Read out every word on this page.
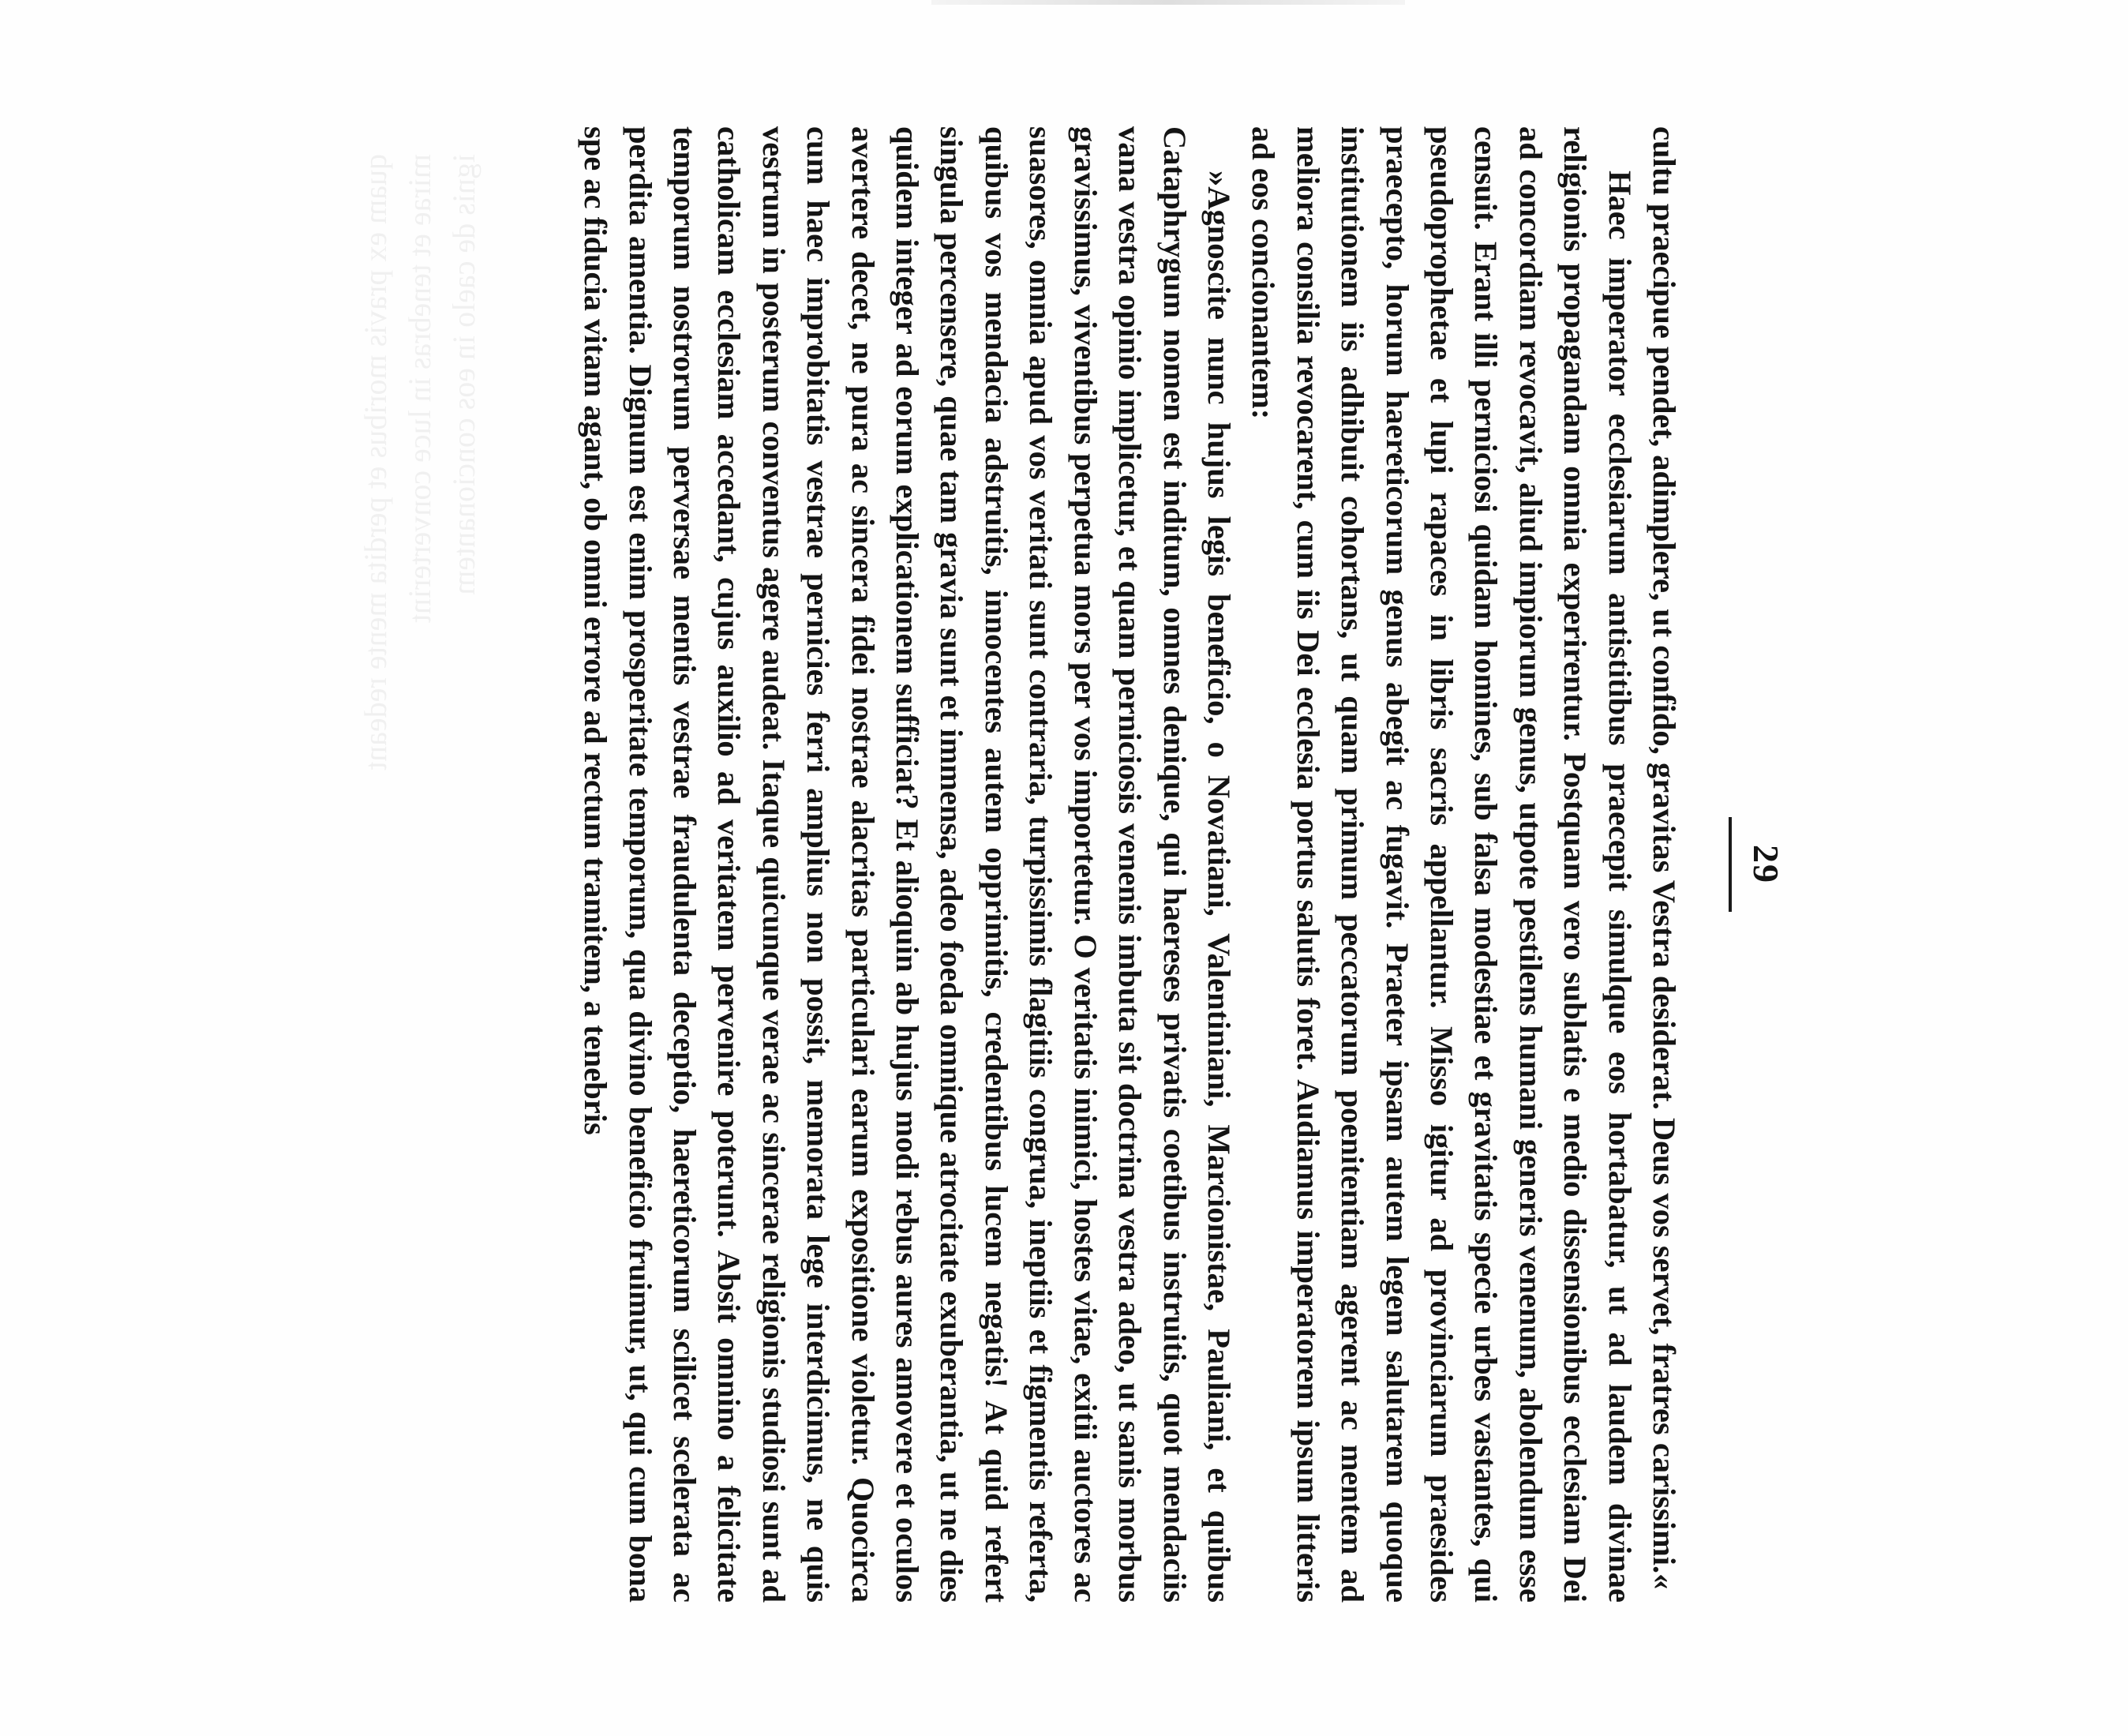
quam ex pravis moribus et perdita mente redeant mirae et tenebras in luce converterint ignis de caelo in eos concionantem
29

cultu praecipue pendet, adimplere, ut confido, gravitas Vestra desiderat. Deus vos servet, fratres carissimi.«

Haec imperator ecclesiarum antistitibus praecepit simulque eos hortabatur, ut ad laudem divinae religionis propagandam omnia experirentur. Postquam vero sublatis e medio dissensionibus ecclesiam Dei ad concordiam revocavit, aliud impiorum genus, utpote pestilens humani generis venenum, abolendum esse censuit. Erant illi perniciosi quidam homines, sub falsa modestiae et gravitatis specie urbes vastantes, qui pseudoprophetae et lupi rapaces in libris sacris appellantur. Misso igitur ad provinciarum praesides praecepto, horum haereticorum genus abegit ac fugavit. Praeter ipsam autem legem salutarem quoque institutionem iis adhibuit cohortans, ut quam primum peccatorum poenitentiam agerent ac mentem ad meliora consilia revocarent, cum iis Dei ecclesia portus salutis foret. Audiamus imperatorem ipsum litteris ad eos concionantem:

»Agnoscite nunc hujus legis beneficio, o Novatiani, Valentiniani, Marcionistae, Pauliani, et quibus Cataphrygum nomen est inditum, omnes denique, qui haereses privatis coetibus instruitis, quot mendaciis vana vestra opinio implicetur, et quam perniciosis venenis imbuta sit doctrina vestra adeo, ut sanis morbus gravissimus, viventibus perpetua mors per vos importetur. O veritatis inimici, hostes vitae, exitii auctores ac suasores, omnia apud vos veritati sunt contraria, turpissimis flagitiis congrua, ineptiis et figmentis referta, quibus vos mendacia adstruitis, innocentes autem opprimitis, credentibus lucem negatis! At quid refert singula percensere, quae tam gravia sunt et immensa, adeo foeda omnique atrocitate exuberantia, ut ne dies quidem integer ad eorum explicationem sufficiat? Et alioquin ab hujus modi rebus aures amovere et oculos avertere decet, ne pura ac sincera fidei nostrae alacritas particulari earum expositione violetur. Quocirca cum haec improbitatis vestrae pernicies ferri amplius non possit, memorata lege interdicimus, ne quis vestrum in posterum conventus agere audeat. Itaque quicunque verae ac sincerae religionis studiosi sunt ad catholicam ecclesiam accedant, cujus auxilio ad veritatem pervenire poterunt. Absit omnino a felicitate temporum nostrorum perversae mentis vestrae fraudulenta deceptio, haereticorum scilicet scelerata ac perdita amentia. Dignum est enim prosperitate temporum, qua divino beneficio fruimur, ut, qui cum bona spe ac fiducia vitam agant, ob omni errore ad rectum tramitem, a tenebris
